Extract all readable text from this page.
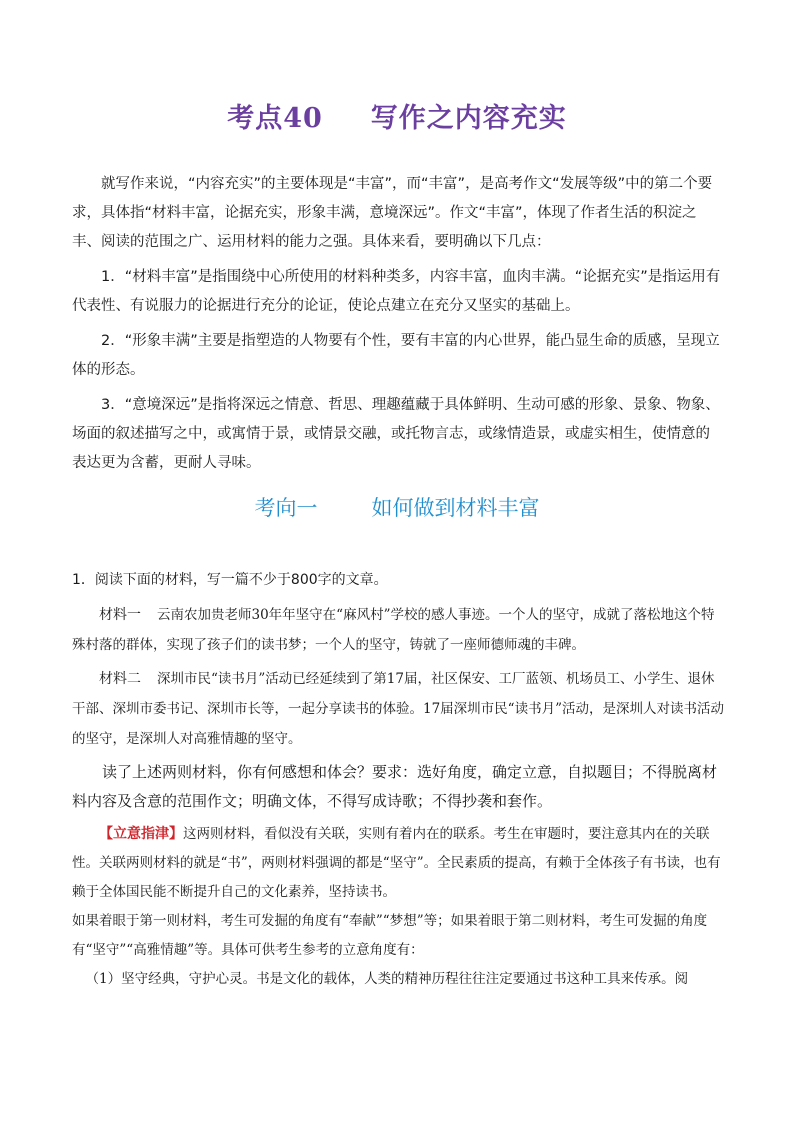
考点40 写作之内容充实

就写作来说，“内容充实”的主要体现是“丰富”，而“丰富”，是高考作文“发展等级”中的第二个要求，具体指“材料丰富，论据充实，形象丰满，意境深远”。作文“丰富”，体现了作者生活的积淀之丰、阅读的范围之广、运用材料的能力之强。具体来看，要明确以下几点：

1．“材料丰富”是指围绕中心所使用的材料种类多，内容丰富，血肉丰满。“论据充实”是指运用有代表性、有说服力的论据进行充分的论证，使论点建立在充分又坚实的基础上。

2．“形象丰满”主要是指塑造的人物要有个性，要有丰富的内心世界，能凸显生命的质感，呈现立体的形态。

3．“意境深远”是指将深远之情意、哲思、理趣蕴藏于具体鲜明、生动可感的形象、景象、物象、场面的叙述描写之中，或寓情于景，或情景交融，或托物言志，或缘情造景，或虚实相生，使情意的表达更为含蓄，更耐人寻味。

考向一	如何做到材料丰富

1．阅读下面的材料，写一篇不少于800字的文章。

材料一 云南农加贵老师30年年坚守在“麻风村”学校的感人事迹。一个人的坚守，成就了落松地这个特殊村落的群体，实现了孩子们的读书梦；一个人的坚守，铸就了一座师德师魂的丰碑。

材料二 深圳市民“读书月”活动已经延续到了第17届，社区保安、工厂蓝领、机场员工、小学生、退休干部、深圳市委书记、深圳市长等，一起分享读书的体验。17届深圳市民“读书月”活动，是深圳人对读书活动的坚守，是深圳人对高雅情趣的坚守。

读了上述两则材料，你有何感想和体会？要求：选好角度，确定立意，自拟题目；不得脱离材料内容及含意的范围作文；明确文体，不得写成诗歌；不得抄袭和套作。

【立意指津】这两则材料，看似没有关联，实则有着内在的联系。考生在审题时，要注意其内在的关联性。关联两则材料的就是“书”，两则材料强调的都是“坚守”。全民素质的提高，有赖于全体孩子有书读，也有赖于全体国民能不断提升自己的文化素养，坚持读书。

如果着眼于第一则材料，考生可发掘的角度有“奉献”“梦想”等；如果着眼于第二则材料，考生可发掘的角度有“坚守”“高雅情趣”等。具体可供考生参考的立意角度有：

（1）坚守经典，守护心灵。书是文化的载体，人类的精神历程往往注定要通过书这种工具来传承。阅
